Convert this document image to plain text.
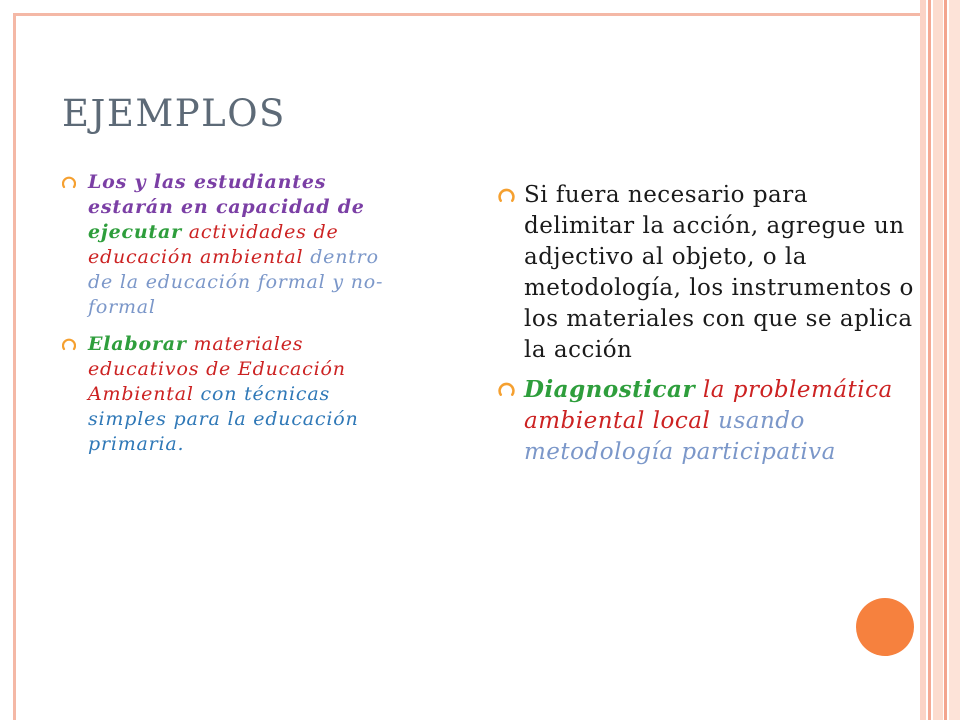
EJEMPLOS
Los y las estudiantes estarán en capacidad de ejecutar actividades de educación ambiental dentro de la educación formal y no-formal
Elaborar materiales educativos de Educación Ambiental con técnicas simples para la educación primaria.
Si fuera necesario para delimitar la acción, agregue un adjectivo al objeto, o la metodología, los instrumentos o los materiales con que se aplica la acción
Diagnosticar la problemática ambiental local usando metodología participativa
